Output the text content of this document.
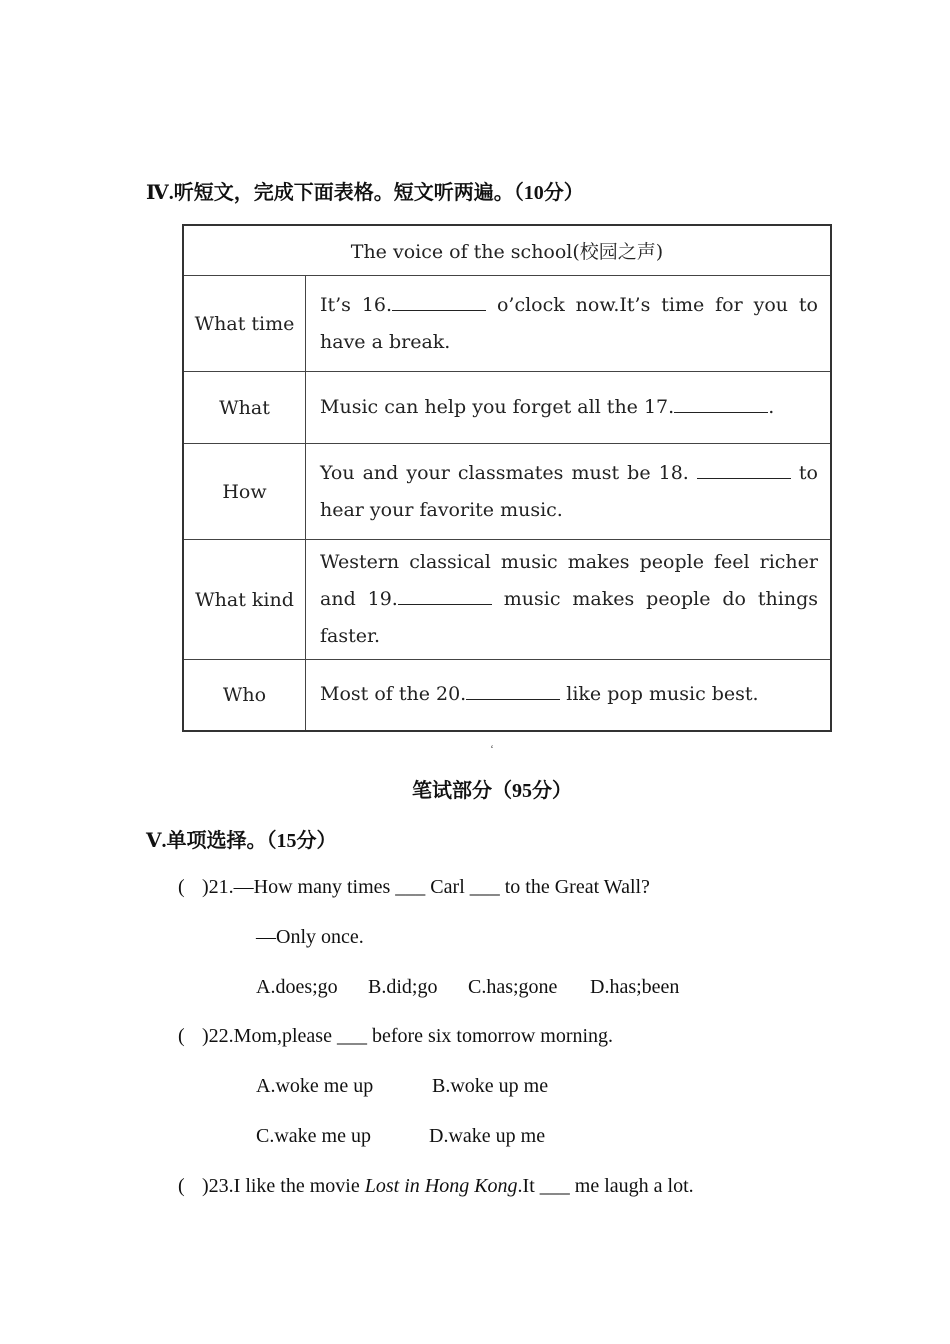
Ⅳ.听短文，完成下面表格。短文听两遍。（10分）
The voice of the school(校园之声)	
What time	It’s 16. o’clock now.It’s time for you to have a break.
What	Music can help you forget all the 17. .
How	You and your classmates must be 18. to hear your favorite music.
What kind	Western classical music makes people feel richer and 19. music makes people do things faster.
Who	Most of the 20. like pop music best.
‘
笔试部分（95分）
Ⅴ.单项选择。（15分）
( )21.—How many times ___ Carl ___ to the Great Wall?
—Only once.
A.does;go B.did;go C.has;gone D.has;been
( )22.Mom,please ___ before six tomorrow morning.
A.woke me up	B.woke up me
C.wake me up	D.wake up me
( )23.I like the movie Lost in Hong Kong.It ___ me laugh a lot.
